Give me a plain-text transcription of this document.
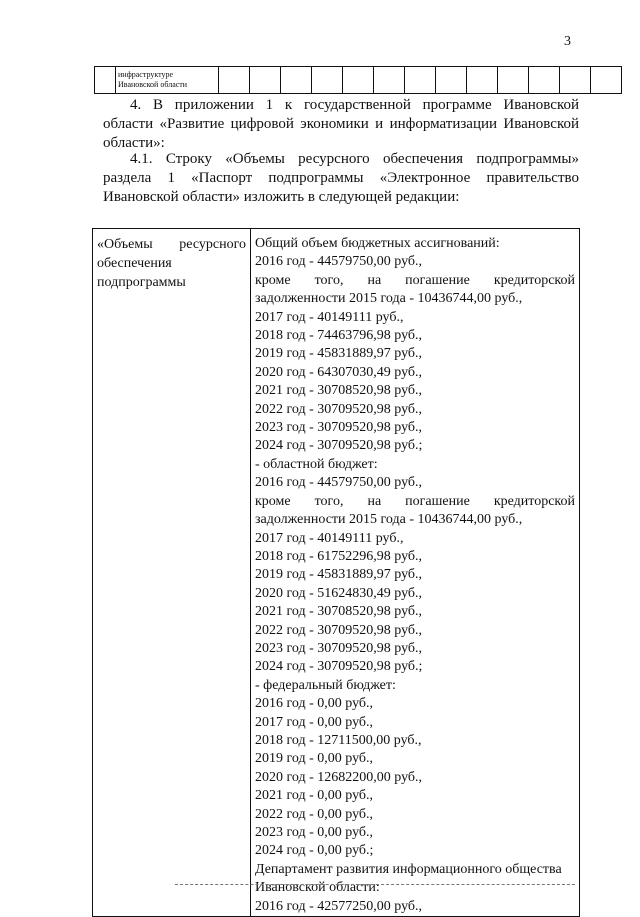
3

инфраструктуре
Ивановской области

4. В приложении 1 к государственной программе Ивановской
области «Развитие цифровой экономики и информатизации Ивановской
области»:
4.1. Строку «Объемы ресурсного обеспечения подпрограммы»
раздела 1 «Паспорт подпрограммы «Электронное правительство
Ивановской области» изложить в следующей редакции:
«Объемы ресурсного
обеспечения
подпрограммы

Общий объем бюджетных ассигнований:
2016 год - 44579750,00 руб.,
кроме того, на погашение кредиторской
задолженности 2015 года - 10436744,00 руб.,
2017 год - 40149111 руб.,
2018 год - 74463796,98 руб.,
2019 год - 45831889,97 руб.,
2020 год - 64307030,49 руб.,
2021 год - 30708520,98 руб.,
2022 год - 30709520,98 руб.,
2023 год - 30709520,98 руб.,
2024 год - 30709520,98 руб.;
- областной бюджет:
2016 год - 44579750,00 руб.,
кроме того, на погашение кредиторской
задолженности 2015 года - 10436744,00 руб.,
2017 год - 40149111 руб.,
2018 год - 61752296,98 руб.,
2019 год - 45831889,97 руб.,
2020 год - 51624830,49 руб.,
2021 год - 30708520,98 руб.,
2022 год - 30709520,98 руб.,
2023 год - 30709520,98 руб.,
2024 год - 30709520,98 руб.;
- федеральный бюджет:
2016 год - 0,00 руб.,
2017 год - 0,00 руб.,
2018 год - 12711500,00 руб.,
2019 год - 0,00 руб.,
2020 год - 12682200,00 руб.,
2021 год - 0,00 руб.,
2022 год - 0,00 руб.,
2023 год - 0,00 руб.,
2024 год - 0,00 руб.;
Департамент развития информационного общества
Ивановской области:
2016 год - 42577250,00 руб.,
